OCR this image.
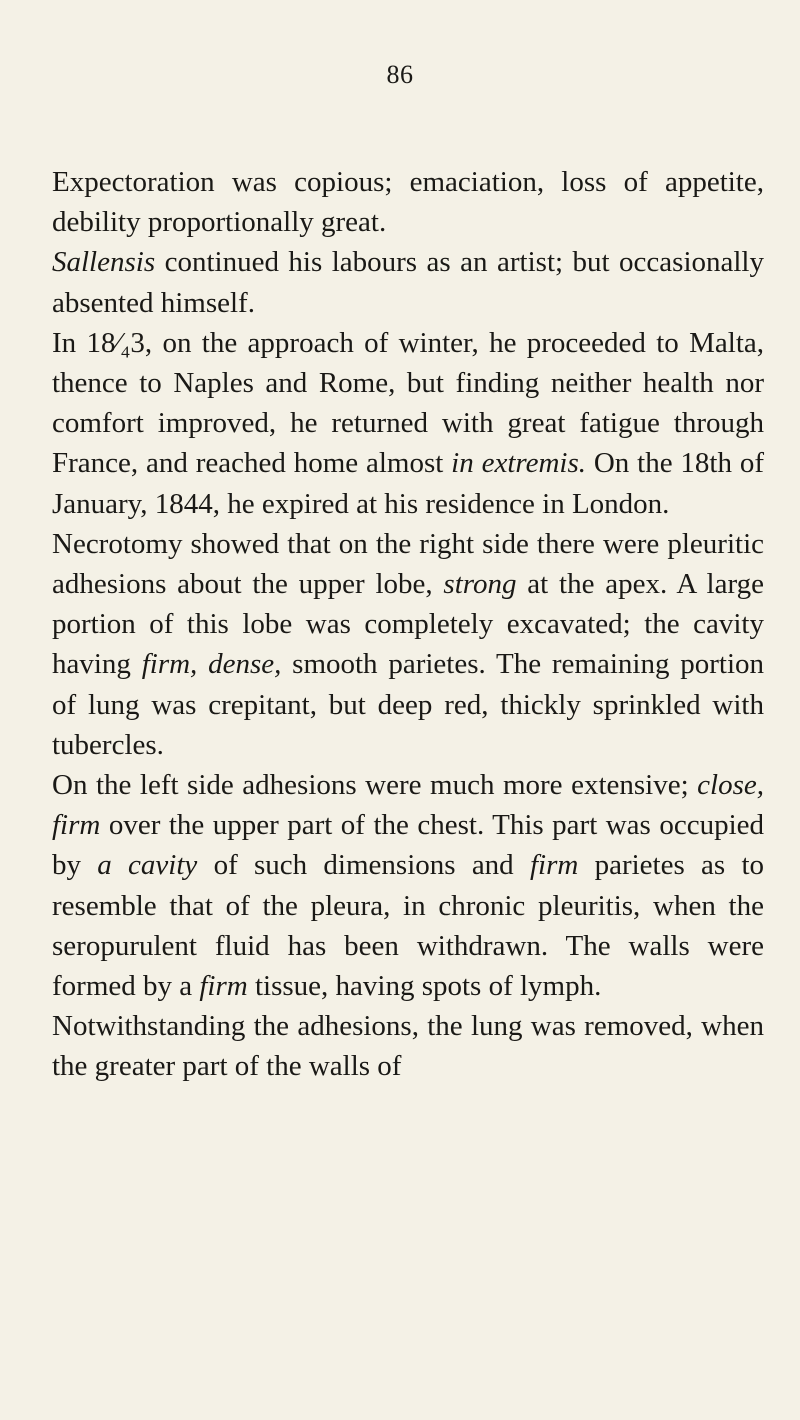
86

Expectoration was copious; emaciation, loss of appetite, debility proportionally great.

Sallensis continued his labours as an artist; but occasionally absented himself.

In 18⁄₄3, on the approach of winter, he proceeded to Malta, thence to Naples and Rome, but finding neither health nor comfort improved, he returned with great fatigue through France, and reached home almost in extremis. On the 18th of January, 1844, he expired at his residence in London.

Necrotomy showed that on the right side there were pleuritic adhesions about the upper lobe, strong at the apex. A large portion of this lobe was completely excavated; the cavity having firm, dense, smooth parietes. The remaining portion of lung was crepitant, but deep red, thickly sprinkled with tubercles.

On the left side adhesions were much more extensive; close, firm over the upper part of the chest. This part was occupied by a cavity of such dimensions and firm parietes as to resemble that of the pleura, in chronic pleuritis, when the seropurulent fluid has been withdrawn. The walls were formed by a firm tissue, having spots of lymph.

Notwithstanding the adhesions, the lung was removed, when the greater part of the walls of
